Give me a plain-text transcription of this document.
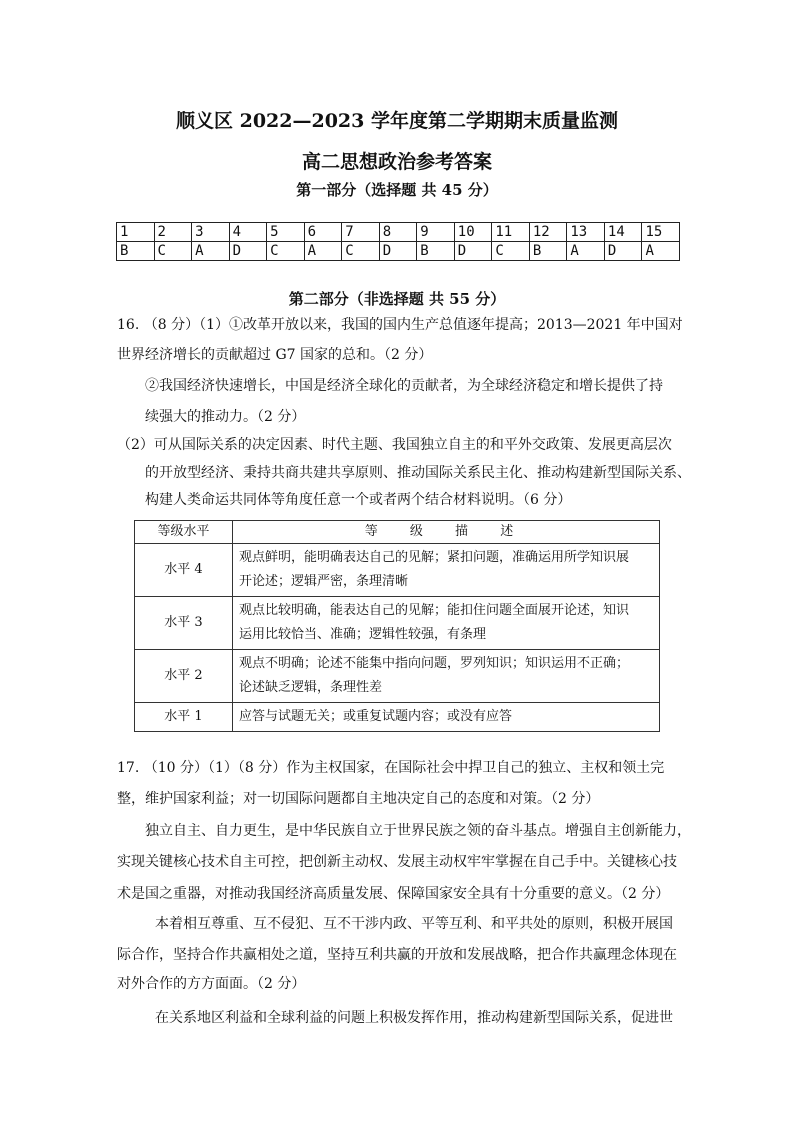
顺义区 2022—2023 学年度第二学期期末质量监测
高二思想政治参考答案
第一部分（选择题 共 45 分）
1	2	3	4	5	6	7	8	9	10	11	12	13	14	15
B	C	A	D	C	A	C	D	B	D	C	B	A	D	A
第二部分（非选择题 共 55 分）
16. （8 分）（1）①改革开放以来，我国的国内生产总值逐年提高；2013—2021 年中国对
世界经济增长的贡献超过 G7 国家的总和。（2 分）
②我国经济快速增长，中国是经济全球化的贡献者，为全球经济稳定和增长提供了持
续强大的推动力。（2 分）
（2）可从国际关系的决定因素、时代主题、我国独立自主的和平外交政策、发展更高层次
的开放型经济、秉持共商共建共享原则、推动国际关系民主化、推动构建新型国际关系、
构建人类命运共同体等角度任意一个或者两个结合材料说明。（6 分）
等级水平	等 级 描 述
水平 4	观点鲜明，能明确表达自己的见解；紧扣问题，准确运用所学知识展
开论述；逻辑严密，条理清晰

水平 3	观点比较明确，能表达自己的见解；能扣住问题全面展开论述，知识
运用比较恰当、准确；逻辑性较强，有条理

水平 2	观点不明确；论述不能集中指向问题，罗列知识；知识运用不正确；
论述缺乏逻辑，条理性差

水平 1	应答与试题无关；或重复试题内容；或没有应答
17. （10 分）（1）（8 分）作为主权国家，在国际社会中捍卫自己的独立、主权和领土完
整，维护国家利益；对一切国际问题都自主地决定自己的态度和对策。（2 分）
独立自主、自力更生，是中华民族自立于世界民族之领的奋斗基点。增强自主创新能力，
实现关键核心技术自主可控，把创新主动权、发展主动权牢牢掌握在自己手中。关键核心技
术是国之重器，对推动我国经济高质量发展、保障国家安全具有十分重要的意义。（2 分）
本着相互尊重、互不侵犯、互不干涉内政、平等互利、和平共处的原则，积极开展国
际合作，坚持合作共赢相处之道，坚持互利共赢的开放和发展战略，把合作共赢理念体现在
对外合作的方方面面。（2 分）
在关系地区利益和全球利益的问题上积极发挥作用，推动构建新型国际关系，促进世
